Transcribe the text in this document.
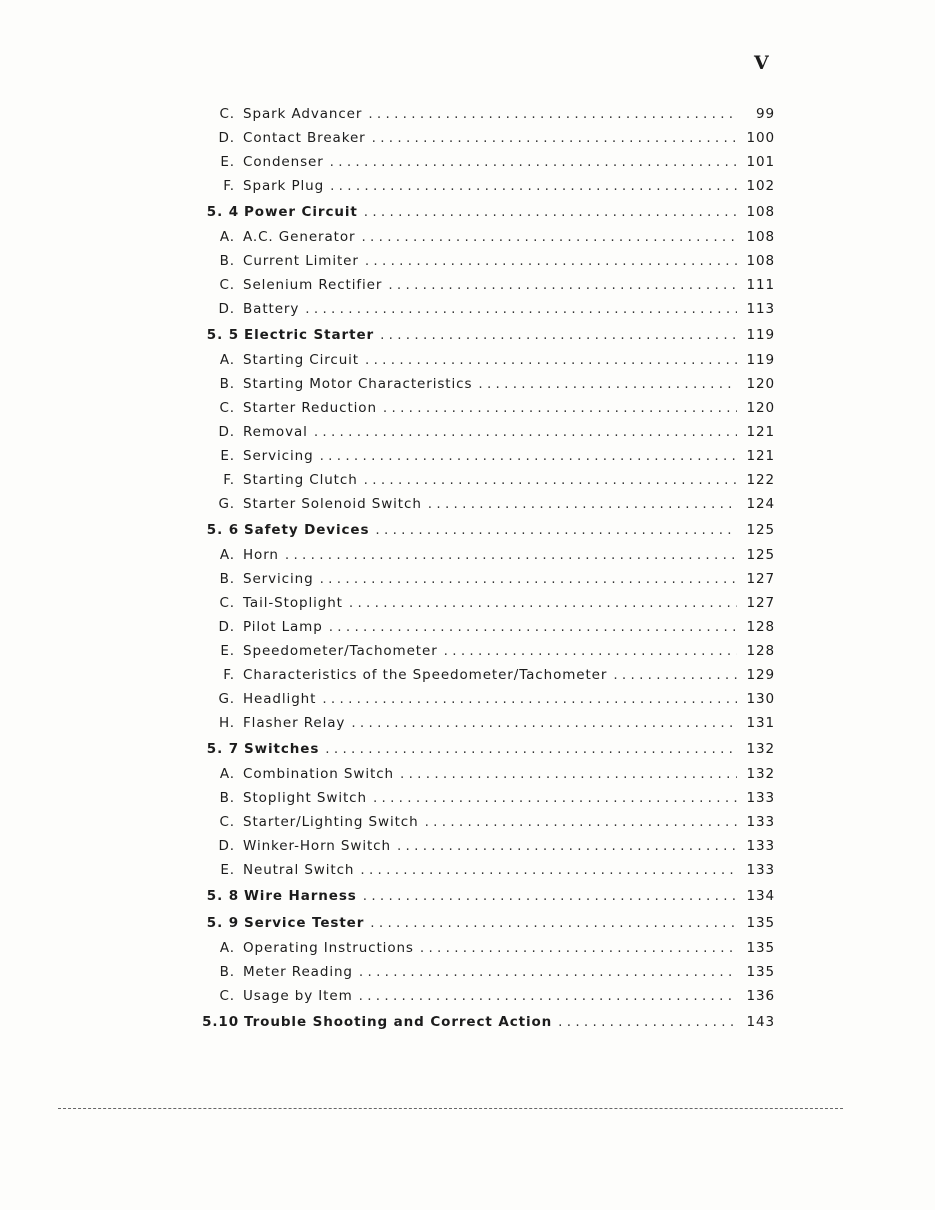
V
C. Spark Advancer . . .	99
D. Contact Breaker . . .	100
E. Condenser . . .	101
F. Spark Plug . . .	102
5. 4 Power Circuit . . .	108
A. A.C. Generator . . .	108
B. Current Limiter . . .	108
C. Selenium Rectifier . . .	111
D. Battery . . .	113
5. 5 Electric Starter . . .	119
A. Starting Circuit . . .	119
B. Starting Motor Characteristics . . .	120
C. Starter Reduction . . .	120
D. Removal . . .	121
E. Servicing . . .	121
F. Starting Clutch . . .	122
G. Starter Solenoid Switch . . .	124
5. 6 Safety Devices . . .	125
A. Horn . . .	125
B. Servicing . . .	127
C. Tail-Stoplight . . .	127
D. Pilot Lamp . . .	128
E. Speedometer/Tachometer . . .	128
F. Characteristics of the Speedometer/Tachometer . . .	129
G. Headlight . . .	130
H. Flasher Relay . . .	131
5. 7 Switches . . .	132
A. Combination Switch . . .	132
B. Stoplight Switch . . .	133
C. Starter/Lighting Switch . . .	133
D. Winker-Horn Switch . . .	133
E. Neutral Switch . . .	133
5. 8 Wire Harness . . .	134
5. 9 Service Tester . . .	135
A. Operating Instructions . . .	135
B. Meter Reading . . .	135
C. Usage by Item . . .	136
5.10 Trouble Shooting and Correct Action . . .	143
